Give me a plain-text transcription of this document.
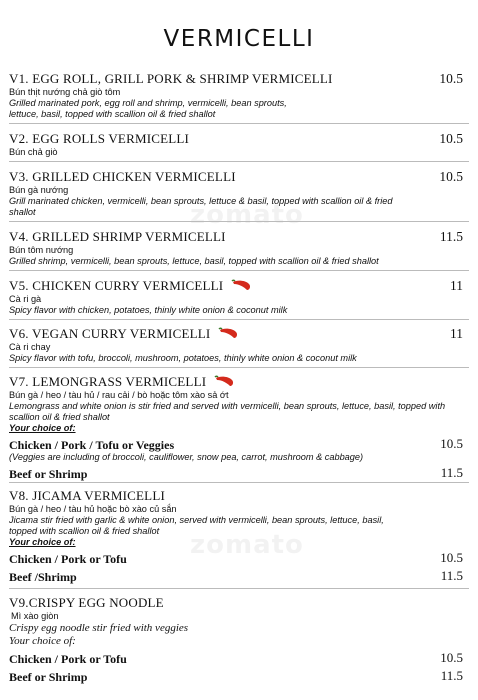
VERMICELLI
zomato
zomato
V1. EGG ROLL, GRILL PORK & SHRIMP VERMICELLI	10.5
Bún thịt nướng chả giò tôm
Grilled marinated pork, egg roll and shrimp, vermicelli, bean sprouts, lettuce, basil, topped with scallion oil & fried shallot
V2. EGG ROLLS VERMICELLI	10.5
Bún chả giò
V3. GRILLED CHICKEN VERMICELLI	10.5
Bún gà nướng
Grill marinated chicken, vermicelli, bean sprouts, lettuce & basil, topped with scallion oil & fried shallot
V4. GRILLED SHRIMP VERMICELLI	11.5
Bún tôm nướng
Grilled shrimp, vermicelli, bean sprouts, lettuce, basil, topped with scallion oil & fried shallot
V5. CHICKEN CURRY VERMICELLI	11
Cà ri gà
Spicy flavor with chicken, potatoes, thinly white onion & coconut milk
V6. VEGAN CURRY VERMICELLI	11
Cà ri chay
Spicy flavor with tofu, broccoli, mushroom, potatoes, thinly white onion & coconut milk
V7. LEMONGRASS VERMICELLI
Bún gà / heo / tàu hủ / rau cải / bò hoặc tôm xào sả ớt
Lemongrass and white onion is stir fried and served with vermicelli, bean sprouts, lettuce, basil, topped with scallion oil & fried shallot
Your choice of:
Chicken / Pork / Tofu or Veggies	10.5
(Veggies are including of broccoli, cauliflower, snow pea, carrot, mushroom & cabbage)
Beef or Shrimp	11.5
V8. JICAMA VERMICELLI
Bún gà / heo / tàu hủ hoặc bò xào củ sắn
Jicama stir fried with garlic & white onion, served with vermicelli, bean sprouts, lettuce, basil, topped with scallion oil & fried shallot
Your choice of:
Chicken / Pork or Tofu	10.5
Beef /Shrimp	11.5
V9.CRISPY EGG NOODLE
Mì xào giòn
Crispy egg noodle stir fried with veggies
Your choice of:
Chicken / Pork or Tofu	10.5
Beef or Shrimp	11.5
